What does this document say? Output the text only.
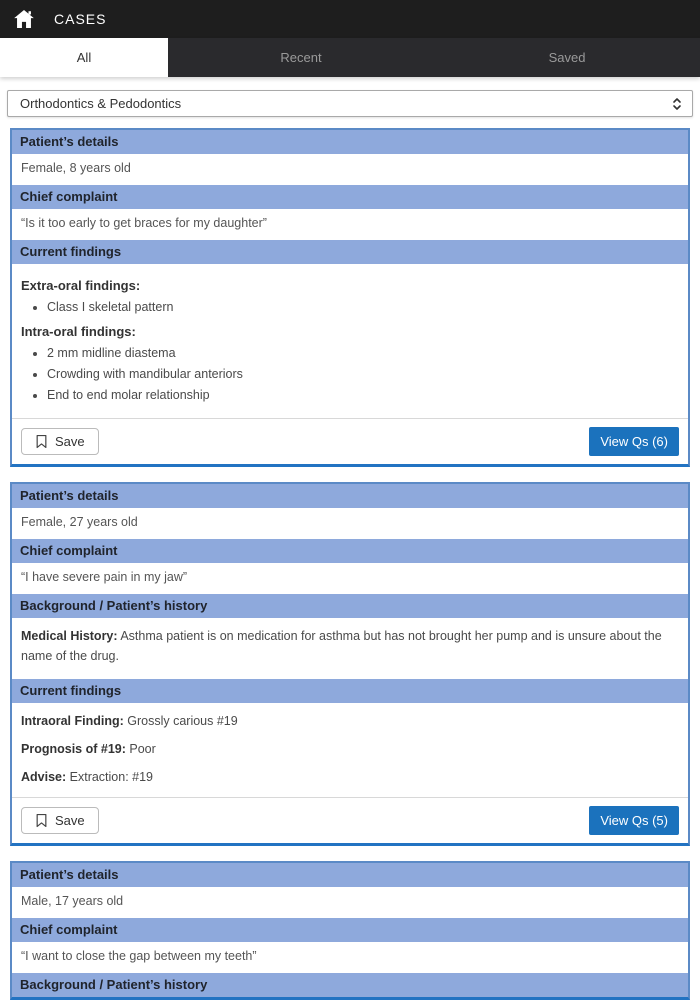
CASES
All	Recent	Saved
Orthodontics & Pedodontics
Patient’s details
Female, 8 years old
Chief complaint
“Is it too early to get braces for my daughter”
Current findings
Extra-oral findings:
• Class I skeletal pattern
Intra-oral findings:
• 2 mm midline diastema
• Crowding with mandibular anteriors
• End to end molar relationship
Save	View Qs (6)
Patient’s details
Female, 27 years old
Chief complaint
“I have severe pain in my jaw”
Background / Patient’s history

Medical History: Asthma patient is on medication for asthma but has not brought her pump and is unsure about the name of the drug.

Current findings

Intraoral Finding: Grossly carious #19

Prognosis of #19: Poor

Advise: Extraction: #19

Save	View Qs (5)
Patient’s details
Male, 17 years old
Chief complaint
“I want to close the gap between my teeth”
Background / Patient’s history
